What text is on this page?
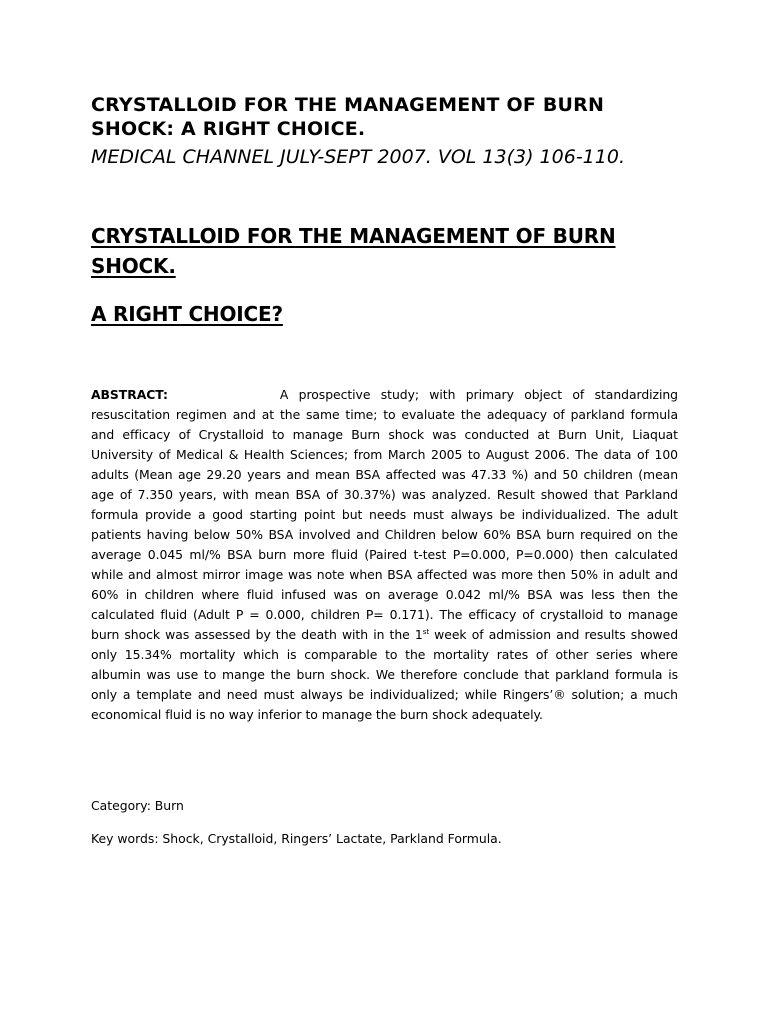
CRYSTALLOID FOR THE MANAGEMENT OF BURN SHOCK: A RIGHT CHOICE.

MEDICAL CHANNEL JULY-SEPT 2007. VOL 13(3) 106-110.

CRYSTALLOID FOR THE MANAGEMENT OF BURN SHOCK.
A RIGHT CHOICE?

ABSTRACT:	A prospective study; with primary object of standardizing resuscitation regimen and at the same time; to evaluate the adequacy of parkland formula and efficacy of Crystalloid to manage Burn shock was conducted at Burn Unit, Liaquat University of Medical & Health Sciences; from March 2005 to August 2006. The data of 100 adults (Mean age 29.20 years and mean BSA affected was 47.33 %) and 50 children (mean age of 7.350 years, with mean BSA of 30.37%) was analyzed. Result showed that Parkland formula provide a good starting point but needs must always be individualized. The adult patients having below 50% BSA involved and Children below 60% BSA burn required on the average 0.045 ml/% BSA burn more fluid (Paired t-test P=0.000, P=0.000) then calculated while and almost mirror image was note when BSA affected was more then 50% in adult and 60% in children where fluid infused was on average 0.042 ml/% BSA was less then the calculated fluid (Adult P = 0.000, children P= 0.171). The efficacy of crystalloid to manage burn shock was assessed by the death with in the 1st week of admission and results showed only 15.34% mortality which is comparable to the mortality rates of other series where albumin was use to mange the burn shock. We therefore conclude that parkland formula is only a template and need must always be individualized; while Ringers’® solution; a much economical fluid is no way inferior to manage the burn shock adequately.

Category: Burn

Key words: Shock, Crystalloid, Ringers’ Lactate, Parkland Formula.
